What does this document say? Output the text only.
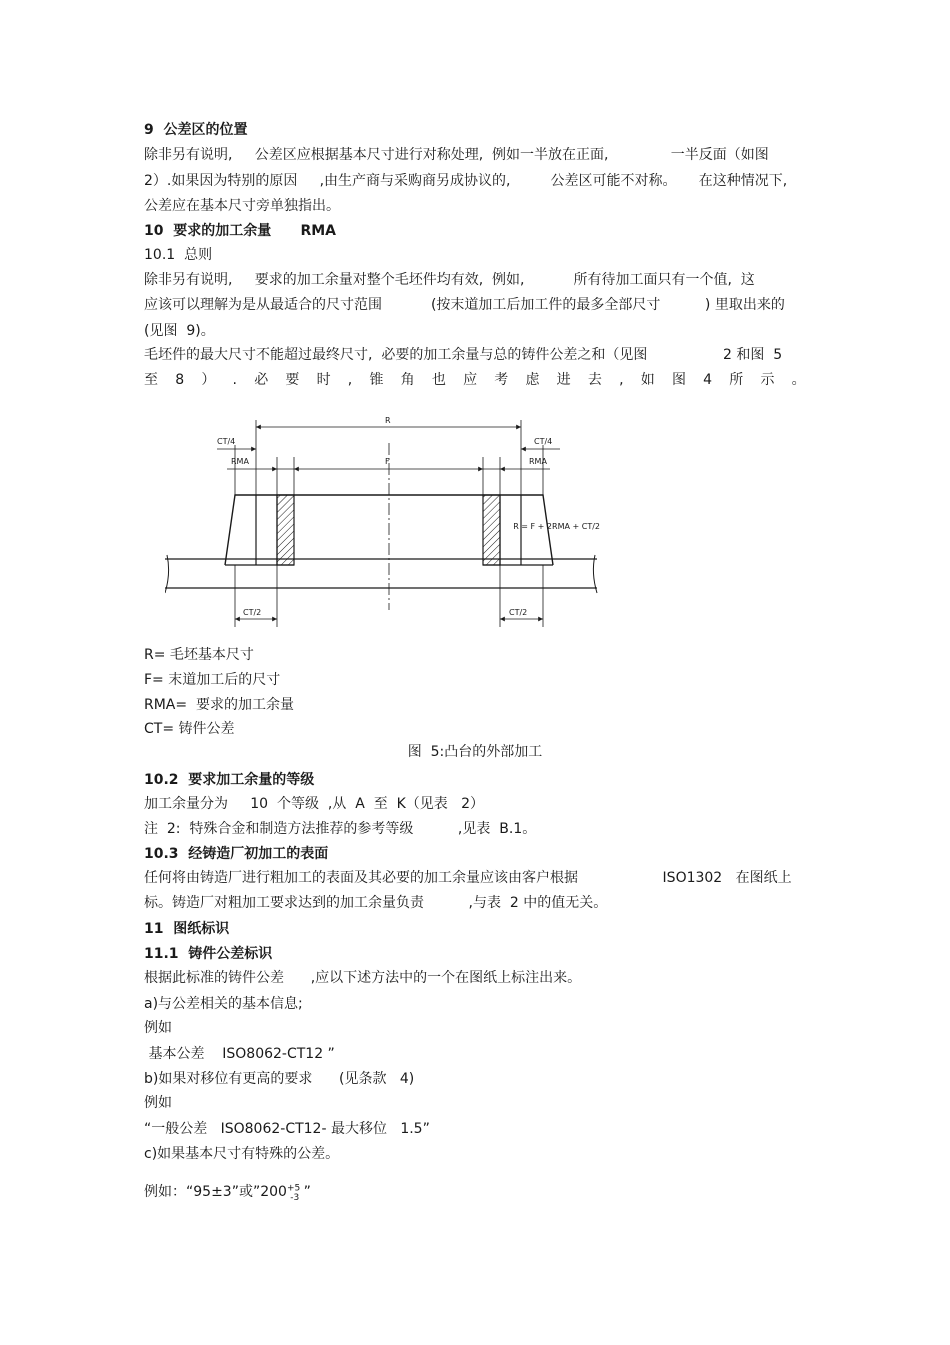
9  公差区的位置
除非另有说明,     公差区应根据基本尺寸进行对称处理,  例如一半放在正面,              一半反面（如图
2）.如果因为特别的原因     ,由生产商与采购商另成协议的,         公差区可能不对称。     在这种情况下,
公差应在基本尺寸旁单独指出。
10  要求的加工余量      RMA
10.1  总则
除非另有说明,     要求的加工余量对整个毛坯件均有效,  例如,           所有待加工面只有一个值,  这
应该可以理解为是从最适合的尺寸范围           (按末道加工后加工件的最多全部尺寸          ) 里取出来的
(见图  9)。
毛坯件的最大尺寸不能超过最终尺寸,  必要的加工余量与总的铸件公差之和（见图                 2 和图  5
至 8 ） . 必 要 时 , 锥 角 也 应 考 虑 进 去 , 如 图 4 所 示 。
R
CT/4	CT/4
RMA	RMA
F
CT/2	CT/2
R = F + 2RMA + CT/2
R= 毛坯基本尺寸
F= 末道加工后的尺寸
RMA=  要求的加工余量
CT= 铸件公差
图  5:凸台的外部加工
10.2  要求加工余量的等级
加工余量分为     10  个等级  ,从  A  至  K（见表   2）
注  2:  特殊合金和制造方法推荐的参考等级          ,见表  B.1。
10.3  经铸造厂初加工的表面
任何将由铸造厂进行粗加工的表面及其必要的加工余量应该由客户根据                   ISO1302   在图纸上
标。铸造厂对粗加工要求达到的加工余量负责          ,与表  2 中的值无关。
11  图纸标识
11.1  铸件公差标识
根据此标准的铸件公差      ,应以下述方法中的一个在图纸上标注出来。
a)与公差相关的基本信息;
例如
基本公差    ISO8062-CT12 ”
b)如果对移位有更高的要求      (见条款   4)
例如
“一般公差   ISO8062-CT12- 最大移位   1.5”
c)如果基本尺寸有特殊的公差。
例如：“95±3”或$”200^{+5}_{-3}$ ”
